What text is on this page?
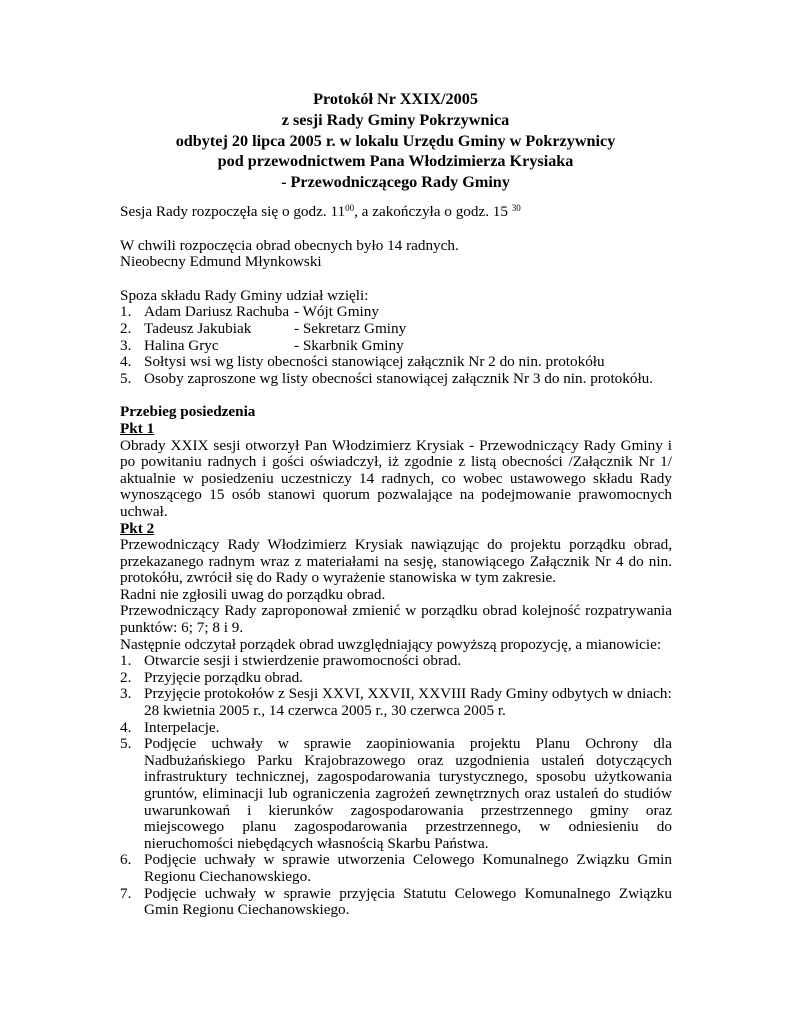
Protokół Nr XXIX/2005
z sesji Rady Gminy Pokrzywnica
odbytej 20 lipca 2005 r. w lokalu Urzędu Gminy w Pokrzywnicy
pod przewodnictwem Pana Włodzimierza Krysiaka
- Przewodniczącego Rady Gminy

Sesja Rady rozpoczęła się o godz. $11^{00}$, a zakończyła o godz. 15 $^{30}$

W chwili rozpoczęcia obrad obecnych było 14 radnych.

Nieobecny Edmund Młynkowski

Spoza składu Rady Gminy udział wzięli:

1. Adam Dariusz Rachuba - Wójt Gminy
2. Tadeusz Jakubiak	- Sekretarz Gminy
3. Halina Gryc	- Skarbnik Gminy
4. Sołtysi wsi wg listy obecności stanowiącej załącznik Nr 2 do nin. protokółu
5. Osoby zaproszone wg listy obecności stanowiącej załącznik Nr 3 do nin. protokółu.

Przebieg posiedzenia

Pkt 1

Obrady XXIX sesji otworzył Pan Włodzimierz Krysiak - Przewodniczący Rady Gminy i po powitaniu radnych i gości oświadczył, iż zgodnie z listą obecności /Załącznik Nr 1/ aktualnie w posiedzeniu uczestniczy 14 radnych, co wobec ustawowego składu Rady wynoszącego 15 osób stanowi quorum pozwalające na podejmowanie prawomocnych uchwał.

Pkt 2

Przewodniczący Rady Włodzimierz Krysiak nawiązując do projektu porządku obrad, przekazanego radnym wraz z materiałami na sesję, stanowiącego Załącznik Nr 4 do nin. protokółu, zwrócił się do Rady o wyrażenie stanowiska w tym zakresie.

Radni nie zgłosili uwag do porządku obrad.

Przewodniczący Rady zaproponował zmienić w porządku obrad kolejność rozpatrywania punktów: 6; 7; 8 i 9.

Następnie odczytał porządek obrad uwzględniający powyższą propozycję, a mianowicie:

1. Otwarcie sesji i stwierdzenie prawomocności obrad.
2. Przyjęcie porządku obrad.
3. Przyjęcie protokołów z Sesji XXVI, XXVII, XXVIII Rady Gminy odbytych w dniach:
28 kwietnia 2005 r., 14 czerwca 2005 r., 30 czerwca 2005 r.
4. Interpelacje.
5. Podjęcie uchwały w sprawie zaopiniowania projektu Planu Ochrony dla Nadbużańskiego Parku Krajobrazowego oraz uzgodnienia ustaleń dotyczących infrastruktury technicznej, zagospodarowania turystycznego, sposobu użytkowania gruntów, eliminacji lub ograniczenia zagrożeń zewnętrznych oraz ustaleń do studiów uwarunkowań i kierunków zagospodarowania przestrzennego gminy oraz miejscowego planu zagospodarowania przestrzennego, w odniesieniu do nieruchomości niebędących własnością Skarbu Państwa.
6. Podjęcie uchwały w sprawie utworzenia Celowego Komunalnego Związku Gmin Regionu Ciechanowskiego.
7. Podjęcie uchwały w sprawie przyjęcia Statutu Celowego Komunalnego Związku Gmin Regionu Ciechanowskiego.
